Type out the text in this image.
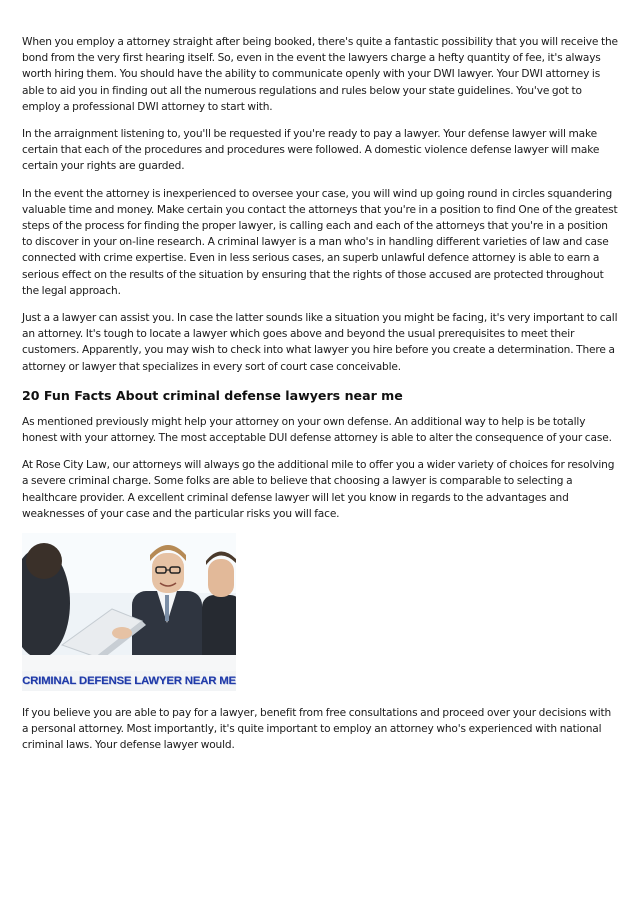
When you employ a attorney straight after being booked, there's quite a fantastic possibility that you will receive the bond from the very first hearing itself. So, even in the event the lawyers charge a hefty quantity of fee, it's always worth hiring them. You should have the ability to communicate openly with your DWI lawyer. Your DWI attorney is able to aid you in finding out all the numerous regulations and rules below your state guidelines. You've got to employ a professional DWI attorney to start with.

In the arraignment listening to, you'll be requested if you're ready to pay a lawyer. Your defense lawyer will make certain that each of the procedures and procedures were followed. A domestic violence defense lawyer will make certain your rights are guarded.

In the event the attorney is inexperienced to oversee your case, you will wind up going round in circles squandering valuable time and money. Make certain you contact the attorneys that you're in a position to find One of the greatest steps of the process for finding the proper lawyer, is calling each and each of the attorneys that you're in a position to discover in your on-line research. A criminal lawyer is a man who's in handling different varieties of law and case connected with crime expertise. Even in less serious cases, an superb unlawful defence attorney is able to earn a serious effect on the results of the situation by ensuring that the rights of those accused are protected throughout the legal approach.

Just a a lawyer can assist you. In case the latter sounds like a situation you might be facing, it's very important to call an attorney. It's tough to locate a lawyer which goes above and beyond the usual prerequisites to meet their customers. Apparently, you may wish to check into what lawyer you hire before you create a determination. There a attorney or lawyer that specializes in every sort of court case conceivable.

20 Fun Facts About criminal defense lawyers near me

As mentioned previously might help your attorney on your own defense. An additional way to help is be totally honest with your attorney. The most acceptable DUI defense attorney is able to alter the consequence of your case.

At Rose City Law, our attorneys will always go the additional mile to offer you a wider variety of choices for resolving a severe criminal charge. Some folks are able to believe that choosing a lawyer is comparable to selecting a healthcare provider. A excellent criminal defense lawyer will let you know in regards to the advantages and weaknesses of your case and the particular risks you will face.

CRIMINAL DEFENSE LAWYER NEAR ME

If you believe you are able to pay for a lawyer, benefit from free consultations and proceed over your decisions with a personal attorney. Most importantly, it's quite important to employ an attorney who's experienced with national criminal laws. Your defense lawyer would.
